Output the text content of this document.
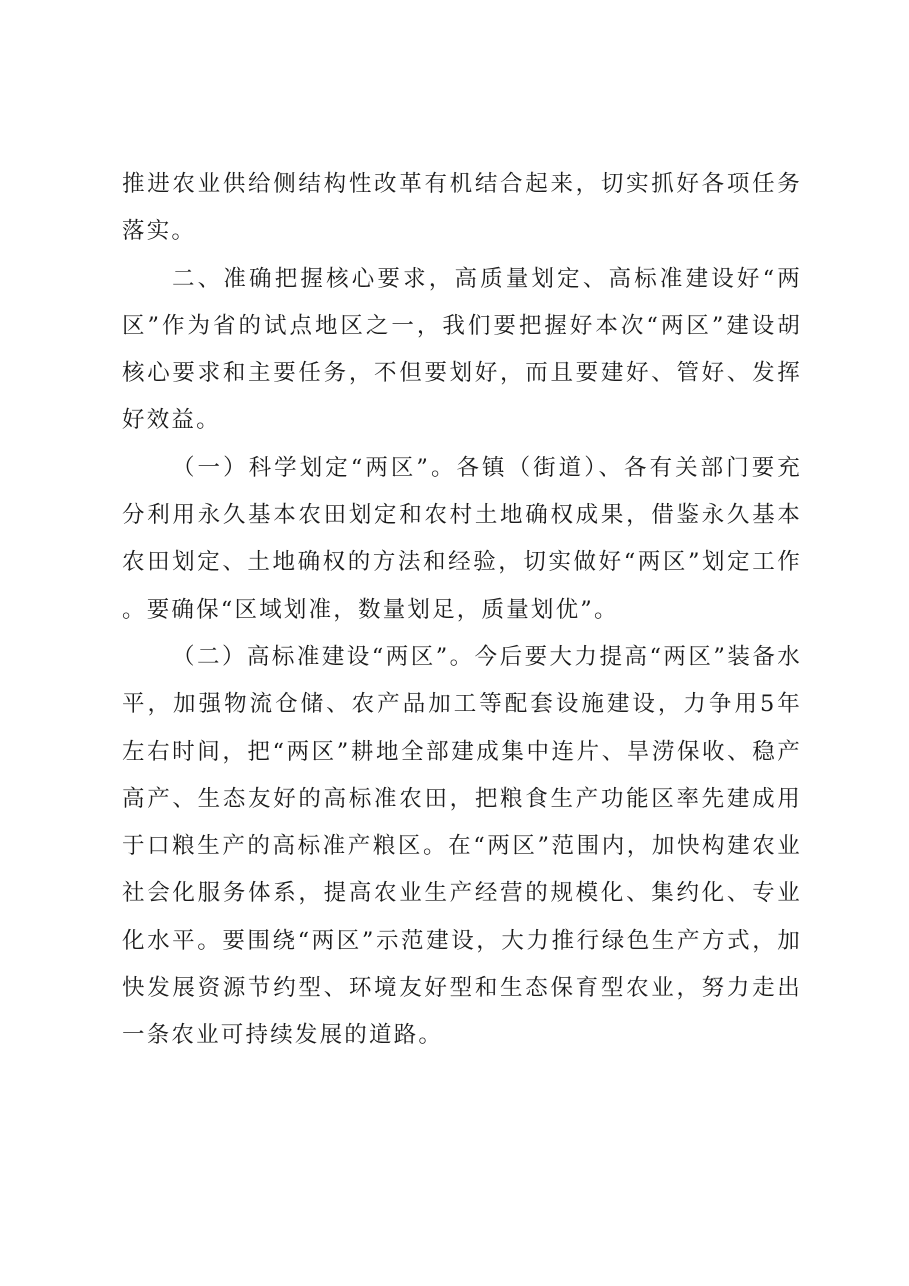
推进农业供给侧结构性改革有机结合起来，切实抓好各项任务落实。

二、准确把握核心要求，高质量划定、高标准建设好“两区”作为省的试点地区之一，我们要把握好本次“两区”建设胡核心要求和主要任务，不但要划好，而且要建好、管好、发挥好效益。

（一）科学划定“两区”。各镇（街道）、各有关部门要充分利用永久基本农田划定和农村土地确权成果，借鉴永久基本农田划定、土地确权的方法和经验，切实做好“两区”划定工作。要确保“区域划准，数量划足，质量划优”。

（二）高标准建设“两区”。今后要大力提高“两区”装备水平，加强物流仓储、农产品加工等配套设施建设，力争用5年左右时间，把“两区”耕地全部建成集中连片、旱涝保收、稳产高产、生态友好的高标准农田，把粮食生产功能区率先建成用于口粮生产的高标准产粮区。在“两区”范围内，加快构建农业社会化服务体系，提高农业生产经营的规模化、集约化、专业化水平。要围绕“两区”示范建设，大力推行绿色生产方式，加快发展资源节约型、环境友好型和生态保育型农业，努力走出一条农业可持续发展的道路。
